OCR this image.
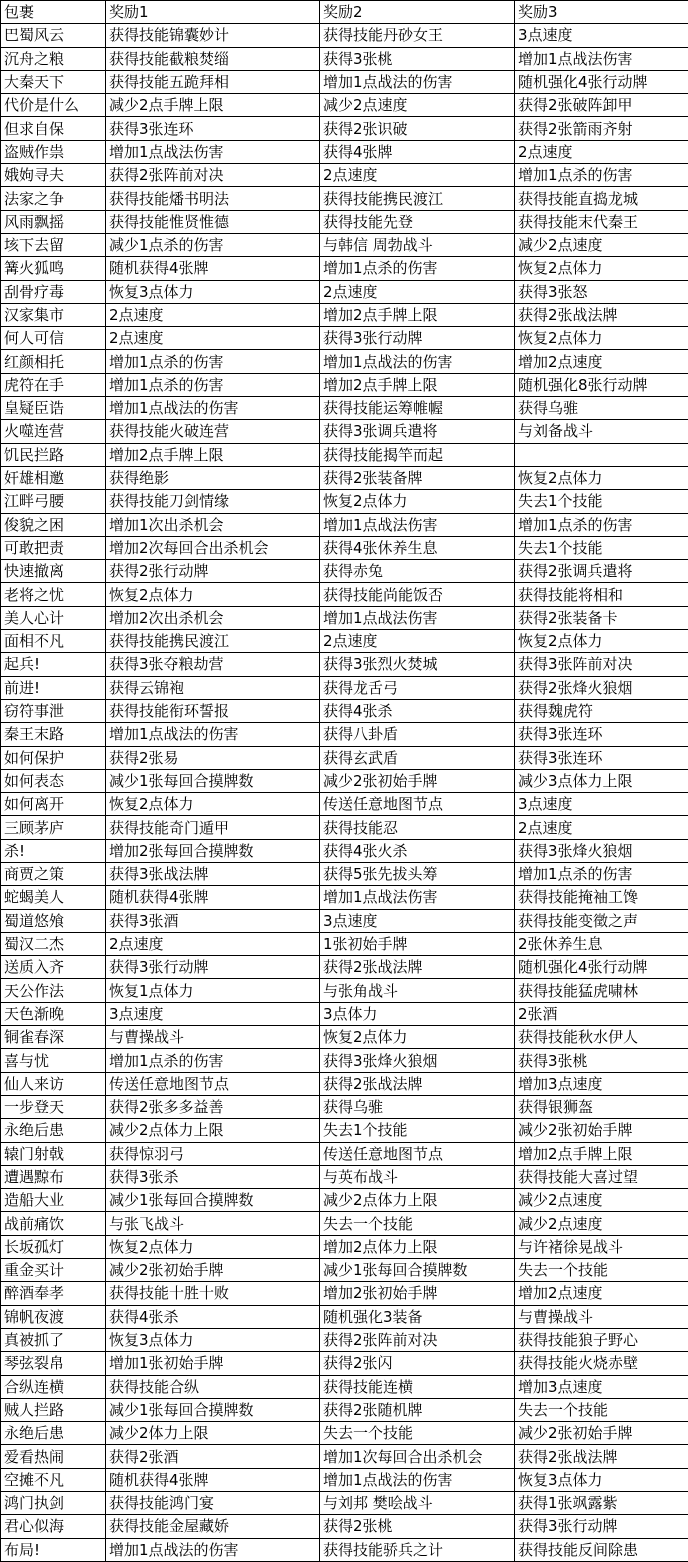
包裹	奖励1	奖励2	奖励3
巴蜀风云	获得技能锦囊妙计	获得技能丹砂女王	3点速度
沉舟之粮	获得技能截粮焚缁	获得3张桃	增加1点战法伤害
大秦天下	获得技能五跪拜相	增加1点战法的伤害	随机强化4张行动牌
代价是什么	减少2点手牌上限	减少2点速度	获得2张破阵卸甲
但求自保	获得3张连环	获得2张识破	获得2张箭雨齐射
盗贼作祟	增加1点战法伤害	获得4张牌	2点速度
娥姁寻夫	获得2张阵前对决	2点速度	增加1点杀的伤害
法家之争	获得技能燔书明法	获得技能携民渡江	获得技能直捣龙城
风雨飘摇	获得技能惟贤惟德	获得技能先登	获得技能末代秦王
垓下去留	减少1点杀的伤害	与韩信 周勃战斗	减少2点速度
篝火狐鸣	随机获得4张牌	增加1点杀的伤害	恢复2点体力
刮骨疗毒	恢复3点体力	2点速度	获得3张怒
汉家集市	2点速度	增加2点手牌上限	获得2张战法牌
何人可信	2点速度	获得3张行动牌	恢复2点体力
红颜相托	增加1点杀的伤害	增加1点战法的伤害	增加2点速度
虎符在手	增加1点杀的伤害	增加2点手牌上限	随机强化8张行动牌
皇疑臣诰	增加1点战法的伤害	获得技能运筹帷幄	获得乌骓
火噬连营	获得技能火破连营	获得3张调兵遣将	与刘备战斗
饥民拦路	增加2点手牌上限	获得技能揭竿而起	
奸雄相邀	获得绝影	获得2张装备牌	恢复2点体力
江畔弓腰	获得技能刀剑情缘	恢复2点体力	失去1个技能
俊貌之困	增加1次出杀机会	增加1点战法伤害	增加1点杀的伤害
可敢把责	增加2次每回合出杀机会	获得4张休养生息	失去1个技能
快速撤离	获得2张行动牌	获得赤兔	获得2张调兵遣将
老将之忧	恢复2点体力	获得技能尚能饭否	获得技能将相和
美人心计	增加2次出杀机会	增加1点战法伤害	获得2张装备卡
面相不凡	获得技能携民渡江	2点速度	恢复2点体力
起兵!	获得3张夺粮劫营	获得3张烈火焚城	获得3张阵前对决
前进!	获得云锦袍	获得龙舌弓	获得2张烽火狼烟
窃符事泄	获得技能衔环誓报	获得4张杀	获得魏虎符
秦王末路	增加1点战法的伤害	获得八卦盾	获得3张连环
如何保护	获得2张易	获得玄武盾	获得3张连环
如何表态	减少1张每回合摸牌数	减少2张初始手牌	减少3点体力上限
如何离开	恢复2点体力	传送任意地图节点	3点速度
三顾茅庐	获得技能奇门遁甲	获得技能忍	2点速度
杀!	增加2张每回合摸牌数	获得4张火杀	获得3张烽火狼烟
商贾之策	获得3张战法牌	获得5张先拔头筹	增加1点杀的伤害
蛇蝎美人	随机获得4张牌	增加1点战法伤害	获得技能掩袖工馋
蜀道悠飧	获得3张酒	3点速度	获得技能变徵之声
蜀汉二杰	2点速度	1张初始手牌	2张休养生息
送质入齐	获得3张行动牌	获得2张战法牌	随机强化4张行动牌
天公作法	恢复1点体力	与张角战斗	获得技能猛虎啸林
天色渐晚	3点速度	3点体力	2张酒
铜雀春深	与曹操战斗	恢复2点体力	获得技能秋水伊人
喜与忧	增加1点杀的伤害	获得3张烽火狼烟	获得3张桃
仙人来访	传送任意地图节点	获得2张战法牌	增加3点速度
一步登天	获得2张多多益善	获得乌骓	获得银狮盔
永绝后患	减少2点体力上限	失去1个技能	减少2张初始手牌
辕门射戟	获得惊羽弓	传送任意地图节点	增加2点手牌上限
遭遇黥布	获得3张杀	与英布战斗	获得技能大喜过望
造船大业	减少1张每回合摸牌数	减少2点体力上限	减少2点速度
战前痛饮	与张飞战斗	失去一个技能	减少2点速度
长坂孤灯	恢复2点体力	增加2点体力上限	与许褚徐晃战斗
重金买计	减少2张初始手牌	减少1张每回合摸牌数	失去一个技能
醉酒奉孝	获得技能十胜十败	增加2张初始手牌	增加2点速度
锦帆夜渡	获得4张杀	随机强化3装备	与曹操战斗
真被抓了	恢复3点体力	获得2张阵前对决	获得技能狼子野心
琴弦裂帛	增加1张初始手牌	获得2张闪	获得技能火烧赤壁
合纵连横	获得技能合纵	获得技能连横	增加3点速度
贼人拦路	减少1张每回合摸牌数	获得2张随机牌	失去一个技能
永绝后患	减少2体力上限	失去一个技能	减少2张初始手牌
爱看热闹	获得2张酒	增加1次每回合出杀机会	获得2张战法牌
空摊不凡	随机获得4张牌	增加1点战法的伤害	恢复3点体力
鸿门执剑	获得技能鸿门宴	与刘邦 樊哙战斗	获得1张飒露紫
君心似海	获得技能金屋藏娇	获得2张桃	获得3张行动牌
布局!	增加1点战法的伤害	获得技能骄兵之计	获得技能反间除患
